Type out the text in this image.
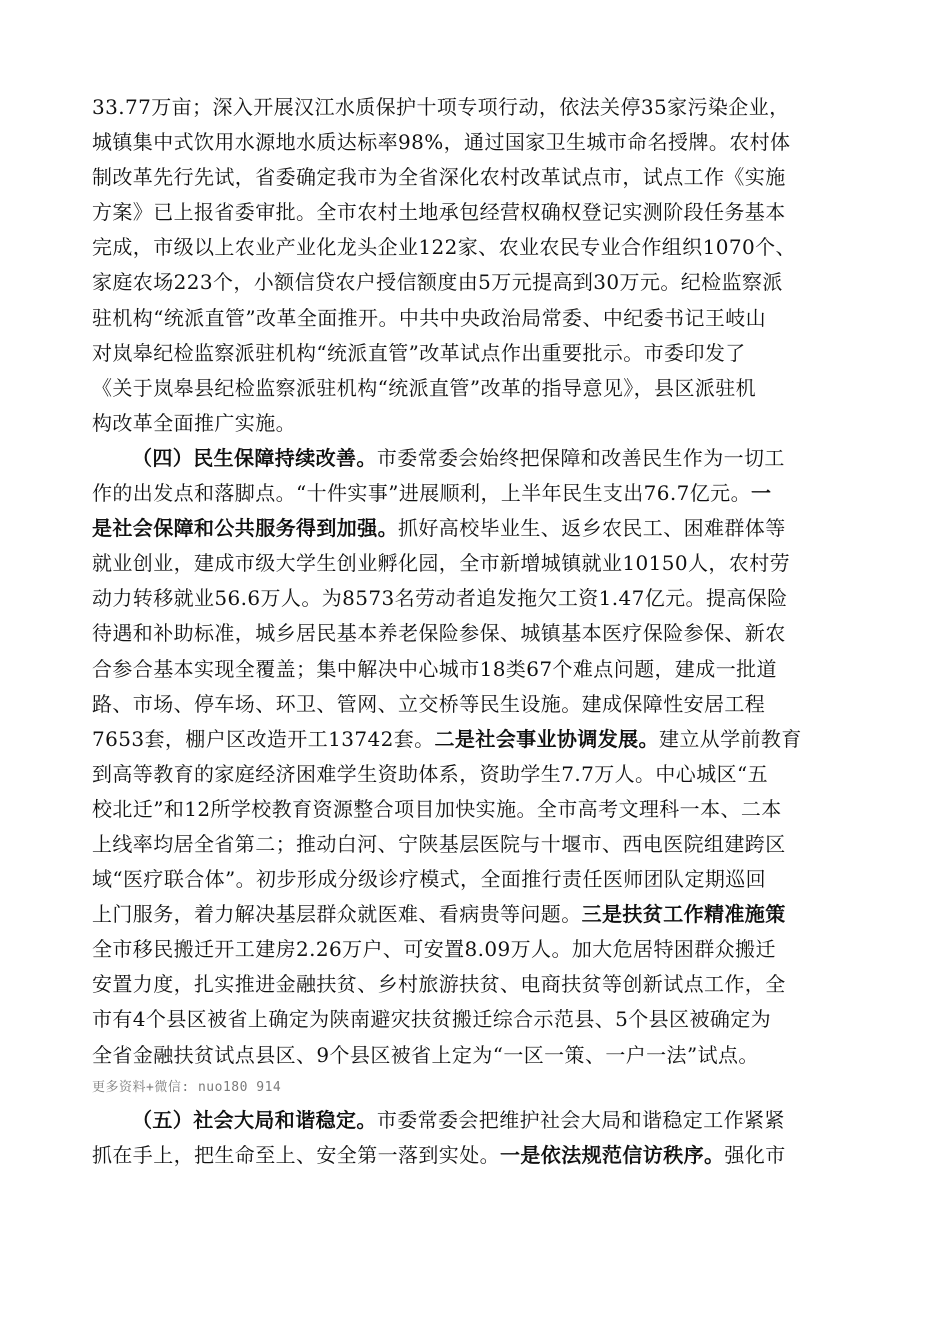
33.77万亩；深入开展汉江水质保护十项专项行动，依法关停35家污染企业，
城镇集中式饮用水源地水质达标率98%，通过国家卫生城市命名授牌。农村体
制改革先行先试，省委确定我市为全省深化农村改革试点市，试点工作《实施
方案》已上报省委审批。全市农村土地承包经营权确权登记实测阶段任务基本
完成，市级以上农业产业化龙头企业122家、农业农民专业合作组织1070个、
家庭农场223个，小额信贷农户授信额度由5万元提高到30万元。纪检监察派
驻机构“统派直管”改革全面推开。中共中央政治局常委、中纪委书记王岐山
对岚皋纪检监察派驻机构“统派直管”改革试点作出重要批示。市委印发了
《关于岚皋县纪检监察派驻机构“统派直管”改革的指导意见》，县区派驻机
构改革全面推广实施。
（四）民生保障持续改善。市委常委会始终把保障和改善民生作为一切工
作的出发点和落脚点。“十件实事”进展顺利，上半年民生支出76.7亿元。一
是社会保障和公共服务得到加强。抓好高校毕业生、返乡农民工、困难群体等
就业创业，建成市级大学生创业孵化园，全市新增城镇就业10150人，农村劳
动力转移就业56.6万人。为8573名劳动者追发拖欠工资1.47亿元。提高保险
待遇和补助标准，城乡居民基本养老保险参保、城镇基本医疗保险参保、新农
合参合基本实现全覆盖；集中解决中心城市18类67个难点问题，建成一批道
路、市场、停车场、环卫、管网、立交桥等民生设施。建成保障性安居工程
7653套，棚户区改造开工13742套。二是社会事业协调发展。建立从学前教育
到高等教育的家庭经济困难学生资助体系，资助学生7.7万人。中心城区“五
校北迁”和12所学校教育资源整合项目加快实施。全市高考文理科一本、二本
上线率均居全省第二；推动白河、宁陕基层医院与十堰市、西电医院组建跨区
域“医疗联合体”。初步形成分级诊疗模式，全面推行责任医师团队定期巡回
上门服务，着力解决基层群众就医难、看病贵等问题。三是扶贫工作精准施策
全市移民搬迁开工建房2.26万户、可安置8.09万人。加大危居特困群众搬迁
安置力度，扎实推进金融扶贫、乡村旅游扶贫、电商扶贫等创新试点工作，全
市有4个县区被省上确定为陕南避灾扶贫搬迁综合示范县、5个县区被确定为
全省金融扶贫试点县区、9个县区被省上定为“一区一策、一户一法”试点。
更多资料+微信: nuo180 914
（五）社会大局和谐稳定。市委常委会把维护社会大局和谐稳定工作紧紧
抓在手上，把生命至上、安全第一落到实处。一是依法规范信访秩序。强化市
